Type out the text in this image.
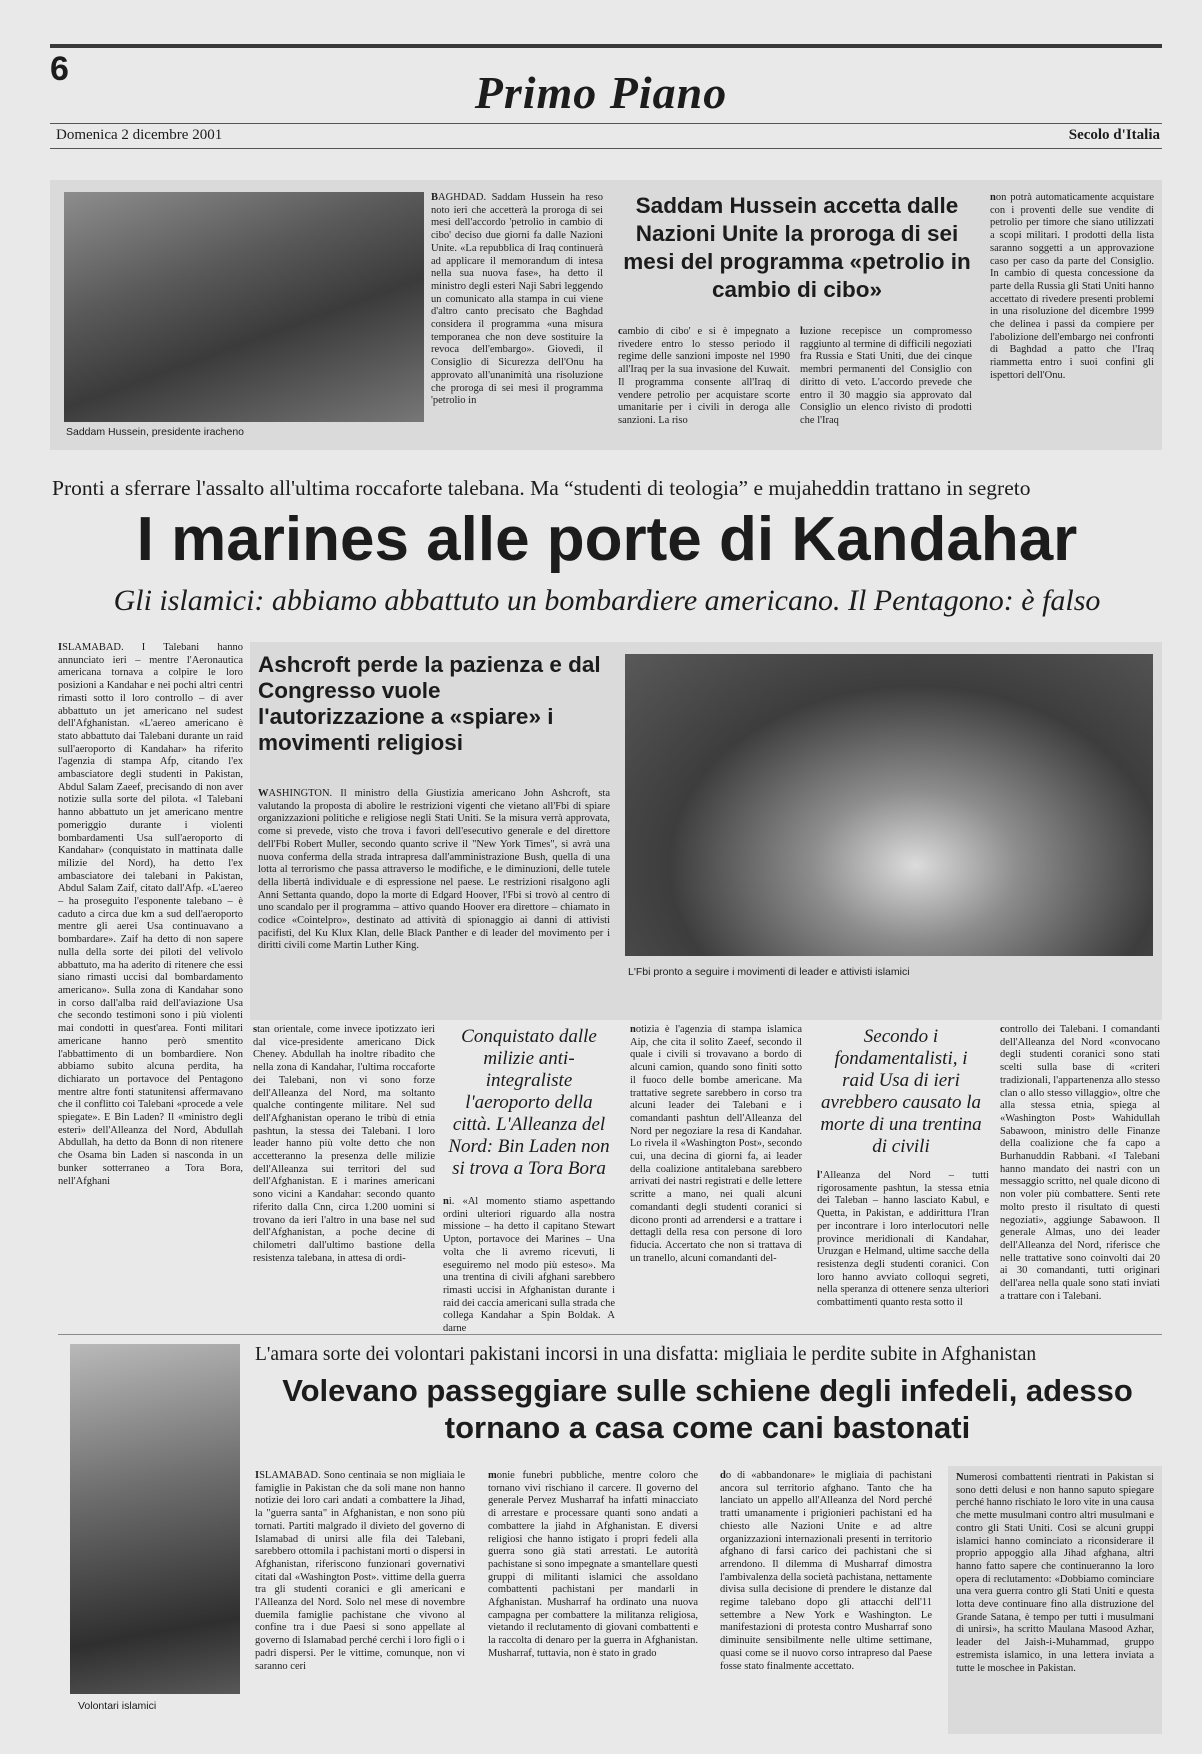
6	Primo Piano
Domenica 2 dicembre 2001	Secolo d'Italia
Saddam Hussein, presidente iracheno
BAGHDAD. Saddam Hussein ha reso noto ieri che accetterà la proroga di sei mesi dell'accordo 'petrolio in cambio di cibo' deciso due giorni fa dalle Nazioni Unite. «La repubblica di Iraq continuerà ad applicare il memorandum di intesa nella sua nuova fase», ha detto il ministro degli esteri Naji Sabri leggendo un comunicato alla stampa in cui viene d'altro canto precisato che Baghdad considera il programma «una misura temporanea che non deve sostituire la revoca dell'embargo». Giovedì, il Consiglio di Sicurezza dell'Onu ha approvato all'unanimità una risoluzione che proroga di sei mesi il programma 'petrolio in
Saddam Hussein accetta dalle Nazioni Unite la proroga di sei mesi del programma «petrolio in cambio di cibo»
cambio di cibo' e si è impegnato a rivedere entro lo stesso periodo il regime delle sanzioni imposte nel 1990 all'Iraq per la sua invasione del Kuwait. Il programma consente all'Iraq di vendere petrolio per acquistare scorte umanitarie per i civili in deroga alle sanzioni. La riso
luzione recepisce un compromesso raggiunto al termine di difficili negoziati fra Russia e Stati Uniti, due dei cinque membri permanenti del Consiglio con diritto di veto. L'accordo prevede che entro il 30 maggio sia approvato dal Consiglio un elenco rivisto di prodotti che l'Iraq
non potrà automaticamente acquistare con i proventi delle sue vendite di petrolio per timore che siano utilizzati a scopi militari. I prodotti della lista saranno soggetti a un approvazione caso per caso da parte del Consiglio. In cambio di questa concessione da parte della Russia gli Stati Uniti hanno accettato di rivedere presenti problemi in una risoluzione del dicembre 1999 che delinea i passi da compiere per l'abolizione dell'embargo nei confronti di Baghdad a patto che l'Iraq riammetta entro i suoi confini gli ispettori dell'Onu.
Pronti a sferrare l'assalto all'ultima roccaforte talebana. Ma “studenti di teologia” e mujaheddin trattano in segreto
I marines alle porte di Kandahar
Gli islamici: abbiamo abbattuto un bombardiere americano. Il Pentagono: è falso
ISLAMABAD. I Talebani hanno annunciato ieri – mentre l'Aeronautica americana tornava a colpire le loro posizioni a Kandahar e nei pochi altri centri rimasti sotto il loro controllo – di aver abbattuto un jet americano nel sudest dell'Afghanistan. «L'aereo americano è stato abbattuto dai Talebani durante un raid sull'aeroporto di Kandahar» ha riferito l'agenzia di stampa Afp, citando l'ex ambasciatore degli studenti in Pakistan, Abdul Salam Zaeef, precisando di non aver notizie sulla sorte del pilota. «I Talebani hanno abbattuto un jet americano mentre pomeriggio durante i violenti bombardamenti Usa sull'aeroporto di Kandahar» (conquistato in mattinata dalle milizie del Nord), ha detto l'ex ambasciatore dei talebani in Pakistan, Abdul Salam Zaif, citato dall'Afp. «L'aereo – ha proseguito l'esponente talebano – è caduto a circa due km a sud dell'aeroporto mentre gli aerei Usa continuavano a bombardare». Zaif ha detto di non sapere nulla della sorte dei piloti del velivolo abbattuto, ma ha aderito di ritenere che essi siano rimasti uccisi dal bombardamento americano». Sulla zona di Kandahar sono in corso dall'alba raid dell'aviazione Usa che secondo testimoni sono i più violenti mai condotti in quest'area. Fonti militari americane hanno però smentito l'abbattimento di un bombardiere. Non abbiamo subito alcuna perdita, ha dichiarato un portavoce del Pentagono mentre altre fonti statunitensi affermavano che il conflitto coi Talebani «procede a vele spiegate». E Bin Laden? Il «ministro degli esteri» dell'Alleanza del Nord, Abdullah Abdullah, ha detto da Bonn di non ritenere che Osama bin Laden si nasconda in un bunker sotterraneo a Tora Bora, nell'Afghani
Ashcroft perde la pazienza e dal Congresso vuole l'autorizzazione a «spiare» i movimenti religiosi
WASHINGTON. Il ministro della Giustizia americano John Ashcroft, sta valutando la proposta di abolire le restrizioni vigenti che vietano all'Fbi di spiare organizzazioni politiche e religiose negli Stati Uniti. Se la misura verrà approvata, come si prevede, visto che trova i favori dell'esecutivo generale e del direttore dell'Fbi Robert Muller, secondo quanto scrive il "New York Times", si avrà una nuova conferma della strada intrapresa dall'amministrazione Bush, quella di una lotta al terrorismo che passa attraverso le modifiche, e le diminuzioni, delle tutele della libertà individuale e di espressione nel paese. Le restrizioni risalgono agli Anni Settanta quando, dopo la morte di Edgard Hoover, l'Fbi si trovò al centro di uno scandalo per il programma – attivo quando Hoover era direttore – chiamato in codice «Cointelpro», destinato ad attività di spionaggio ai danni di attivisti pacifisti, del Ku Klux Klan, delle Black Panther e di leader del movimento per i diritti civili come Martin Luther King.
L'Fbi pronto a seguire i movimenti di leader e attivisti islamici
stan orientale, come invece ipotizzato ieri dal vice-presidente americano Dick Cheney. Abdullah ha inoltre ribadito che nella zona di Kandahar, l'ultima roccaforte dei Talebani, non vi sono forze dell'Alleanza del Nord, ma soltanto qualche contingente militare. Nel sud dell'Afghanistan operano le tribù di etnia pashtun, la stessa dei Talebani. I loro leader hanno più volte detto che non accetteranno la presenza delle milizie dell'Alleanza sui territori del sud dell'Afghanistan. E i marines americani sono vicini a Kandahar: secondo quanto riferito dalla Cnn, circa 1.200 uomini si trovano da ieri l'altro in una base nel sud dell'Afghanistan, a poche decine di chilometri dall'ultimo bastione della resistenza talebana, in attesa di ordi-
Conquistato dalle milizie anti-integraliste l'aeroporto della città. L'Alleanza del Nord: Bin Laden non si trova a Tora Bora
ni. «Al momento stiamo aspettando ordini ulteriori riguardo alla nostra missione – ha detto il capitano Stewart Upton, portavoce dei Marines – Una volta che li avremo ricevuti, li eseguiremo nel modo più esteso». Ma una trentina di civili afghani sarebbero rimasti uccisi in Afghanistan durante i raid dei caccia americani sulla strada che collega Kandahar a Spin Boldak. A darne
notizia è l'agenzia di stampa islamica Aip, che cita il solito Zaeef, secondo il quale i civili si trovavano a bordo di alcuni camion, quando sono finiti sotto il fuoco delle bombe americane. Ma trattative segrete sarebbero in corso tra alcuni leader dei Talebani e i comandanti pashtun dell'Alleanza del Nord per negoziare la resa di Kandahar. Lo rivela il «Washington Post», secondo cui, una decina di giorni fa, ai leader della coalizione antitalebana sarebbero arrivati dei nastri registrati e delle lettere scritte a mano, nei quali alcuni comandanti degli studenti coranici si dicono pronti ad arrendersi e a trattare i dettagli della resa con persone di loro fiducia. Accertato che non si trattava di un tranello, alcuni comandanti del-
Secondo i fondamentalisti, i raid Usa di ieri avrebbero causato la morte di una trentina di civili
l'Alleanza del Nord – tutti rigorosamente pashtun, la stessa etnia dei Taleban – hanno lasciato Kabul, e Quetta, in Pakistan, e addirittura l'Iran per incontrare i loro interlocutori nelle province meridionali di Kandahar, Uruzgan e Helmand, ultime sacche della resistenza degli studenti coranici. Con loro hanno avviato colloqui segreti, nella speranza di ottenere senza ulteriori combattimenti quanto resta sotto il
controllo dei Talebani. I comandanti dell'Alleanza del Nord «convocano degli studenti coranici sono stati scelti sulla base di «criteri tradizionali, l'appartenenza allo stesso clan o allo stesso villaggio», oltre che alla stessa etnia, spiega al «Washington Post» Wahidullah Sabawoon, ministro delle Finanze della coalizione che fa capo a Burhanuddin Rabbani. «I Talebani hanno mandato dei nastri con un messaggio scritto, nel quale dicono di non voler più combattere. Senti rete molto presto il risultato di questi negoziati», aggiunge Sabawoon. Il generale Almas, uno dei leader dell'Alleanza del Nord, riferisce che nelle trattative sono coinvolti dai 20 ai 30 comandanti, tutti originari dell'area nella quale sono stati inviati a trattare con i Talebani.
Volontari islamici
L'amara sorte dei volontari pakistani incorsi in una disfatta: migliaia le perdite subite in Afghanistan
Volevano passeggiare sulle schiene degli infedeli, adesso tornano a casa come cani bastonati
ISLAMABAD. Sono centinaia se non migliaia le famiglie in Pakistan che da soli mane non hanno notizie dei loro cari andati a combattere la Jihad, la "guerra santa" in Afghanistan, e non sono più tornati. Partiti malgrado il divieto del governo di Islamabad di unirsi alle fila dei Talebani, sarebbero ottomila i pachistani morti o dispersi in Afghanistan, riferiscono funzionari governativi citati dal «Washington Post». vittime della guerra tra gli studenti coranici e gli americani e l'Alleanza del Nord. Solo nel mese di novembre duemila famiglie pachistane che vivono al confine tra i due Paesi si sono appellate al governo di Islamabad perché cerchi i loro figli o i padri dispersi. Per le vittime, comunque, non vi saranno ceri
monie funebri pubbliche, mentre coloro che tornano vivi rischiano il carcere. Il governo del generale Pervez Musharraf ha infatti minacciato di arrestare e processare quanti sono andati a combattere la jiahd in Afghanistan. E diversi religiosi che hanno istigato i propri fedeli alla guerra sono già stati arrestati. Le autorità pachistane si sono impegnate a smantellare questi gruppi di militanti islamici che assoldano combattenti pachistani per mandarli in Afghanistan. Musharraf ha ordinato una nuova campagna per combattere la militanza religiosa, vietando il reclutamento di giovani combattenti e la raccolta di denaro per la guerra in Afghanistan. Musharraf, tuttavia, non è stato in grado
do di «abbandonare» le migliaia di pachistani ancora sul territorio afghano. Tanto che ha lanciato un appello all'Alleanza del Nord perché tratti umanamente i prigionieri pachistani ed ha chiesto alle Nazioni Unite e ad altre organizzazioni internazionali presenti in territorio afghano di farsi carico dei pachistani che si arrendono. Il dilemma di Musharraf dimostra l'ambivalenza della società pachistana, nettamente divisa sulla decisione di prendere le distanze dal regime talebano dopo gli attacchi dell'11 settembre a New York e Washington. Le manifestazioni di protesta contro Musharraf sono diminuite sensibilmente nelle ultime settimane, quasi come se il nuovo corso intrapreso dal Paese fosse stato finalmente accettato.
Numerosi combattenti rientrati in Pakistan si sono detti delusi e non hanno saputo spiegare perché hanno rischiato le loro vite in una causa che mette musulmani contro altri musulmani e contro gli Stati Uniti. Così se alcuni gruppi islamici hanno cominciato a riconsiderare il proprio appoggio alla Jihad afghana, altri hanno fatto sapere che continueranno la loro opera di reclutamento: «Dobbiamo cominciare una vera guerra contro gli Stati Uniti e questa lotta deve continuare fino alla distruzione del Grande Satana, è tempo per tutti i musulmani di unirsi», ha scritto Maulana Masood Azhar, leader del Jaish-i-Muhammad, gruppo estremista islamico, in una lettera inviata a tutte le moschee in Pakistan.
